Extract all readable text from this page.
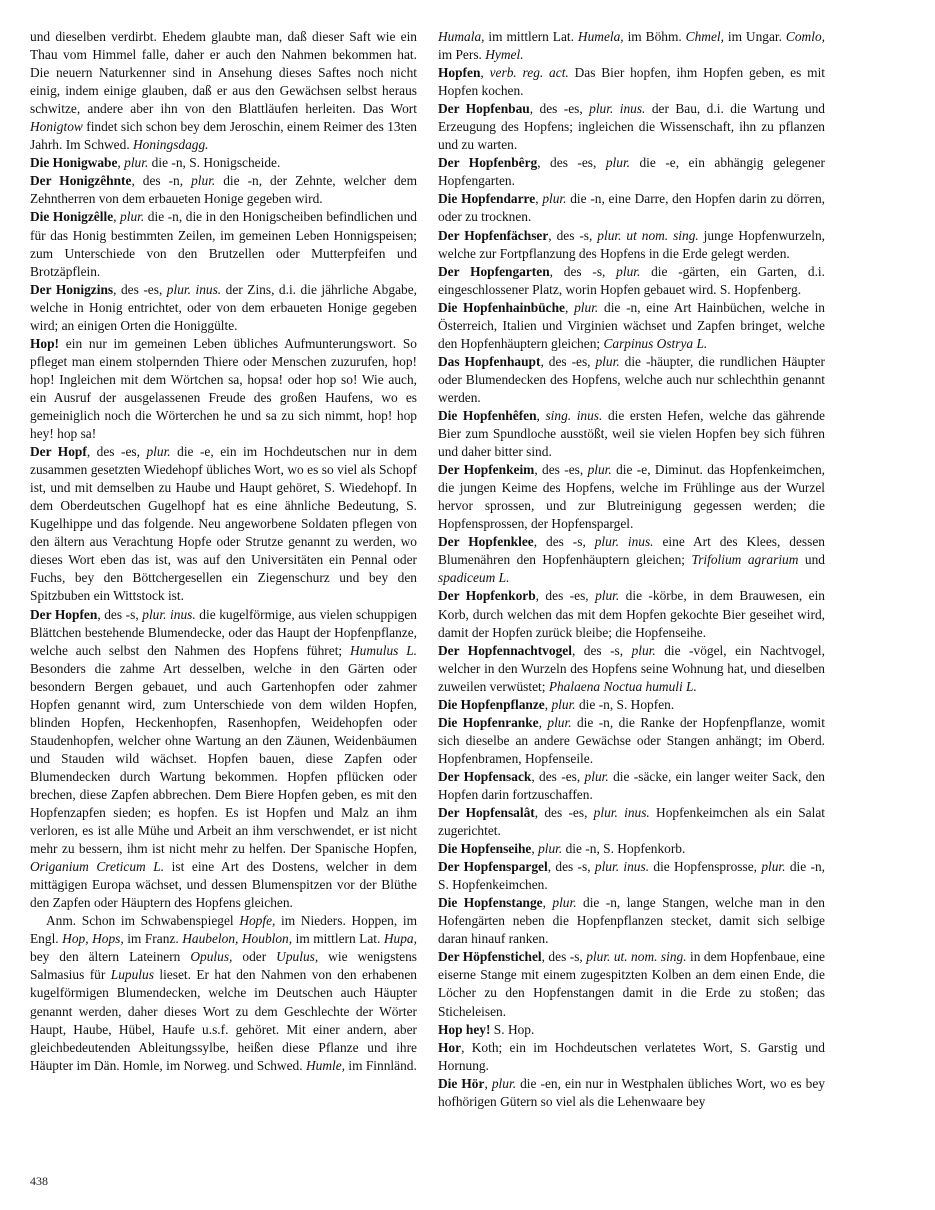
und dieselben verdirbt. Ehedem glaubte man, daß dieser Saft wie ein Thau vom Himmel falle, daher er auch den Nahmen bekommen hat. Die neuern Naturkenner sind in Ansehung dieses Saftes noch nicht einig, indem einige glauben, daß er aus den Gewächsen selbst heraus schwitze, andere aber ihn von den Blattläufen herleiten. Das Wort Honigtow findet sich schon bey dem Jeroschin, einem Reimer des 13ten Jahrh. Im Schwed. Honingsdagg.

Die Honigwabe, plur. die -n, S. Honigscheide.

Der Honigzêhnte, des -n, plur. die -n, der Zehnte, welcher dem Zehntherren von dem erbaueten Honige gegeben wird.

Die Honigzêlle, plur. die -n, die in den Honigscheiben befindlichen und für das Honig bestimmten Zeilen, im gemeinen Leben Honnigspeisen; zum Unterschiede von den Brutzellen oder Mutterpfeifen und Brotzäpflein.

Der Honigzins, des -es, plur. inus. der Zins, d.i. die jährliche Abgabe, welche in Honig entrichtet, oder von dem erbaueten Honige gegeben wird; an einigen Orten die Honiggülte.

Hop! ein nur im gemeinen Leben übliches Aufmunterungswort. So pfleget man einem stolpernden Thiere oder Menschen zuzurufen, hop! hop! Ingleichen mit dem Wörtchen sa, hopsa! oder hop so! Wie auch, ein Ausruf der ausgelassenen Freude des großen Haufens, wo es gemeiniglich noch die Wörterchen he und sa zu sich nimmt, hop! hop hey! hop sa!

Der Hopf, des -es, plur. die -e, ein im Hochdeutschen nur in dem zusammen gesetzten Wiedehopf übliches Wort, wo es so viel als Schopf ist, und mit demselben zu Haube und Haupt gehöret, S. Wiedehopf. In dem Oberdeutschen Gugelhopf hat es eine ähnliche Bedeutung, S. Kugelhippe und das folgende. Neu angeworbene Soldaten pflegen von den ältern aus Verachtung Hopfe oder Strutze genannt zu werden, wo dieses Wort eben das ist, was auf den Universitäten ein Pennal oder Fuchs, bey den Böttchergesellen ein Ziegenschurz und bey den Spitzbuben ein Wittstock ist.

Der Hopfen, des -s, plur. inus. die kugelförmige, aus vielen schuppigen Blättchen bestehende Blumendecke, oder das Haupt der Hopfenpflanze, welche auch selbst den Nahmen des Hopfens führet; Humulus L. Besonders die zahme Art desselben, welche in den Gärten oder besondern Bergen gebauet, und auch Gartenhopfen oder zahmer Hopfen genannt wird, zum Unterschiede von dem wilden Hopfen, blinden Hopfen, Heckenhopfen, Rasenhopfen, Weidehopfen oder Staudenhopfen, welcher ohne Wartung an den Zäunen, Weidenbäumen und Stauden wild wächset. Hopfen bauen, diese Zapfen oder Blumendecken durch Wartung bekommen. Hopfen pflücken oder brechen, diese Zapfen abbrechen. Dem Biere Hopfen geben, es mit den Hopfenzapfen sieden; es hopfen. Es ist Hopfen und Malz an ihm verloren, es ist alle Mühe und Arbeit an ihm verschwendet, er ist nicht mehr zu bessern, ihm ist nicht mehr zu helfen. Der Spanische Hopfen, Origanium Creticum L. ist eine Art des Dostens, welcher in dem mittägigen Europa wächset, und dessen Blumenspitzen vor der Blüthe den Zapfen oder Häuptern des Hopfens gleichen.

Anm. Schon im Schwabenspiegel Hopfe, im Nieders. Hoppen, im Engl. Hop, Hops, im Franz. Haubelon, Houblon, im mittlern Lat. Hupa, bey den ältern Lateinern Opulus, oder Upulus, wie wenigstens Salmasius für Lupulus lieset. Er hat den Nahmen von den erhabenen kugelförmigen Blumendecken, welche im Deutschen auch Häupter genannt werden, daher dieses Wort zu dem Geschlechte der Wörter Haupt, Haube, Hübel, Haufe u.s.f. gehöret. Mit einer andern, aber gleichbedeutenden Ableitungssylbe, heißen diese Pflanze und ihre Häupter im Dän. Homle, im Norweg. und Schwed. Humle, im Finnländ.

Humala, im mittlern Lat. Humela, im Böhm. Chmel, im Ungar. Comlo, im Pers. Hymel.

Hopfen, verb. reg. act. Das Bier hopfen, ihm Hopfen geben, es mit Hopfen kochen.

Der Hopfenbau, des -es, plur. inus. der Bau, d.i. die Wartung und Erzeugung des Hopfens; ingleichen die Wissenschaft, ihn zu pflanzen und zu warten.

Der Hopfenbêrg, des -es, plur. die -e, ein abhängig gelegener Hopfengarten.

Die Hopfendarre, plur. die -n, eine Darre, den Hopfen darin zu dörren, oder zu trocknen.

Der Hopfenfächser, des -s, plur. ut nom. sing. junge Hopfenwurzeln, welche zur Fortpflanzung des Hopfens in die Erde gelegt werden.

Der Hopfengarten, des -s, plur. die -gärten, ein Garten, d.i. eingeschlossener Platz, worin Hopfen gebauet wird. S. Hopfenberg.

Die Hopfenhainbüche, plur. die -n, eine Art Hainbüchen, welche in Österreich, Italien und Virginien wächset und Zapfen bringet, welche den Hopfenhäuptern gleichen; Carpinus Ostrya L.

Das Hopfenhaupt, des -es, plur. die -häupter, die rundlichen Häupter oder Blumendecken des Hopfens, welche auch nur schlechthin genannt werden.

Die Hopfenhêfen, sing. inus. die ersten Hefen, welche das gährende Bier zum Spundloche ausstößt, weil sie vielen Hopfen bey sich führen und daher bitter sind.

Der Hopfenkeim, des -es, plur. die -e, Diminut. das Hopfenkeimchen, die jungen Keime des Hopfens, welche im Frühlinge aus der Wurzel hervor sprossen, und zur Blutreinigung gegessen werden; die Hopfensprossen, der Hopfenspargel.

Der Hopfenklee, des -s, plur. inus. eine Art des Klees, dessen Blumenähren den Hopfenhäuptern gleichen; Trifolium agrarium und spadiceum L.

Der Hopfenkorb, des -es, plur. die -körbe, in dem Brauwesen, ein Korb, durch welchen das mit dem Hopfen gekochte Bier geseihet wird, damit der Hopfen zurück bleibe; die Hopfenseihe.

Der Hopfennachtvogel, des -s, plur. die -vögel, ein Nachtvogel, welcher in den Wurzeln des Hopfens seine Wohnung hat, und dieselben zuweilen verwüstet; Phalaena Noctua humuli L.

Die Hopfenpflanze, plur. die -n, S. Hopfen.

Die Hopfenranke, plur. die -n, die Ranke der Hopfenpflanze, womit sich dieselbe an andere Gewächse oder Stangen anhängt; im Oberd. Hopfenbramen, Hopfenseile.

Der Hopfensack, des -es, plur. die -säcke, ein langer weiter Sack, den Hopfen darin fortzuschaffen.

Der Hopfensalât, des -es, plur. inus. Hopfenkeimchen als ein Salat zugerichtet.

Die Hopfenseihe, plur. die -n, S. Hopfenkorb.

Der Hopfenspargel, des -s, plur. inus. die Hopfensprosse, plur. die -n, S. Hopfenkeimchen.

Die Hopfenstange, plur. die -n, lange Stangen, welche man in den Hofengärten neben die Hopfenpflanzen stecket, damit sich selbige daran hinauf ranken.

Der Höpfenstichel, des -s, plur. ut. nom. sing. in dem Hopfenbaue, eine eiserne Stange mit einem zugespitzten Kolben an dem einen Ende, die Löcher zu den Hopfenstangen damit in die Erde zu stoßen; das Sticheleisen.

Hop hey! S. Hop.

Hor, Koth; ein im Hochdeutschen verlatetes Wort, S. Garstig und Hornung.

Die Hör, plur. die -en, ein nur in Westphalen übliches Wort, wo es bey hofhörigen Gütern so viel als die Lehenwaare bey

438
